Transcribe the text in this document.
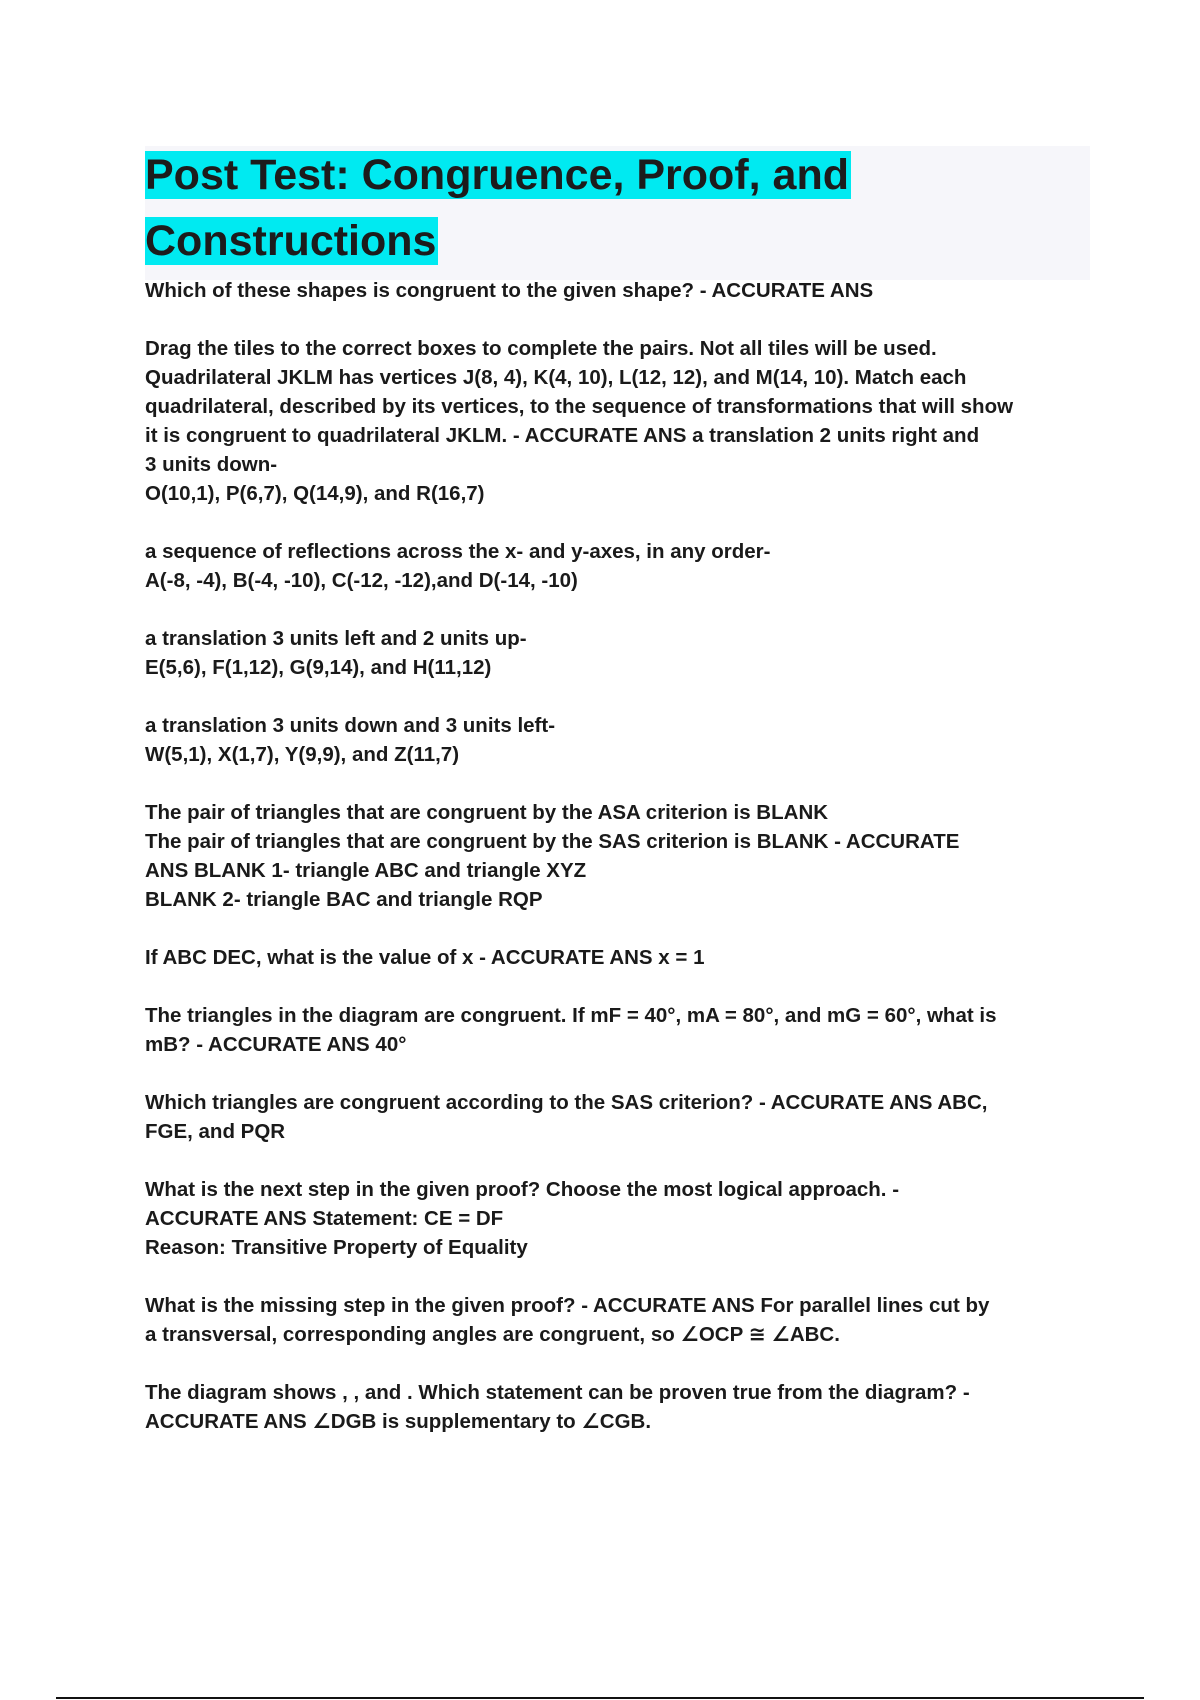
Post Test: Congruence, Proof, and
Constructions

Which of these shapes is congruent to the given shape? - ACCURATE ANS

Drag the tiles to the correct boxes to complete the pairs. Not all tiles will be used.
Quadrilateral JKLM has vertices J(8, 4), K(4, 10), L(12, 12), and M(14, 10). Match each
quadrilateral, described by its vertices, to the sequence of transformations that will show
it is congruent to quadrilateral JKLM. - ACCURATE ANS a translation 2 units right and
3 units down-
O(10,1), P(6,7), Q(14,9), and R(16,7)

a sequence of reflections across the x- and y-axes, in any order-
A(-8, -4), B(-4, -10), C(-12, -12),and D(-14, -10)

a translation 3 units left and 2 units up-
E(5,6), F(1,12), G(9,14), and H(11,12)

a translation 3 units down and 3 units left-
W(5,1), X(1,7), Y(9,9), and Z(11,7)

The pair of triangles that are congruent by the ASA criterion is BLANK
The pair of triangles that are congruent by the SAS criterion is BLANK - ACCURATE
ANS BLANK 1- triangle ABC and triangle XYZ
BLANK 2- triangle BAC and triangle RQP

If ABC DEC, what is the value of x - ACCURATE ANS x = 1

The triangles in the diagram are congruent. If mF = 40°, mA = 80°, and mG = 60°, what is
mB? - ACCURATE ANS 40°

Which triangles are congruent according to the SAS criterion? - ACCURATE ANS ABC,
FGE, and PQR

What is the next step in the given proof? Choose the most logical approach. -
ACCURATE ANS Statement: CE = DF
Reason: Transitive Property of Equality

What is the missing step in the given proof? - ACCURATE ANS For parallel lines cut by
a transversal, corresponding angles are congruent, so ∠OCP ≅ ∠ABC.

The diagram shows , , and . Which statement can be proven true from the diagram? -
ACCURATE ANS ∠DGB is supplementary to ∠CGB.
